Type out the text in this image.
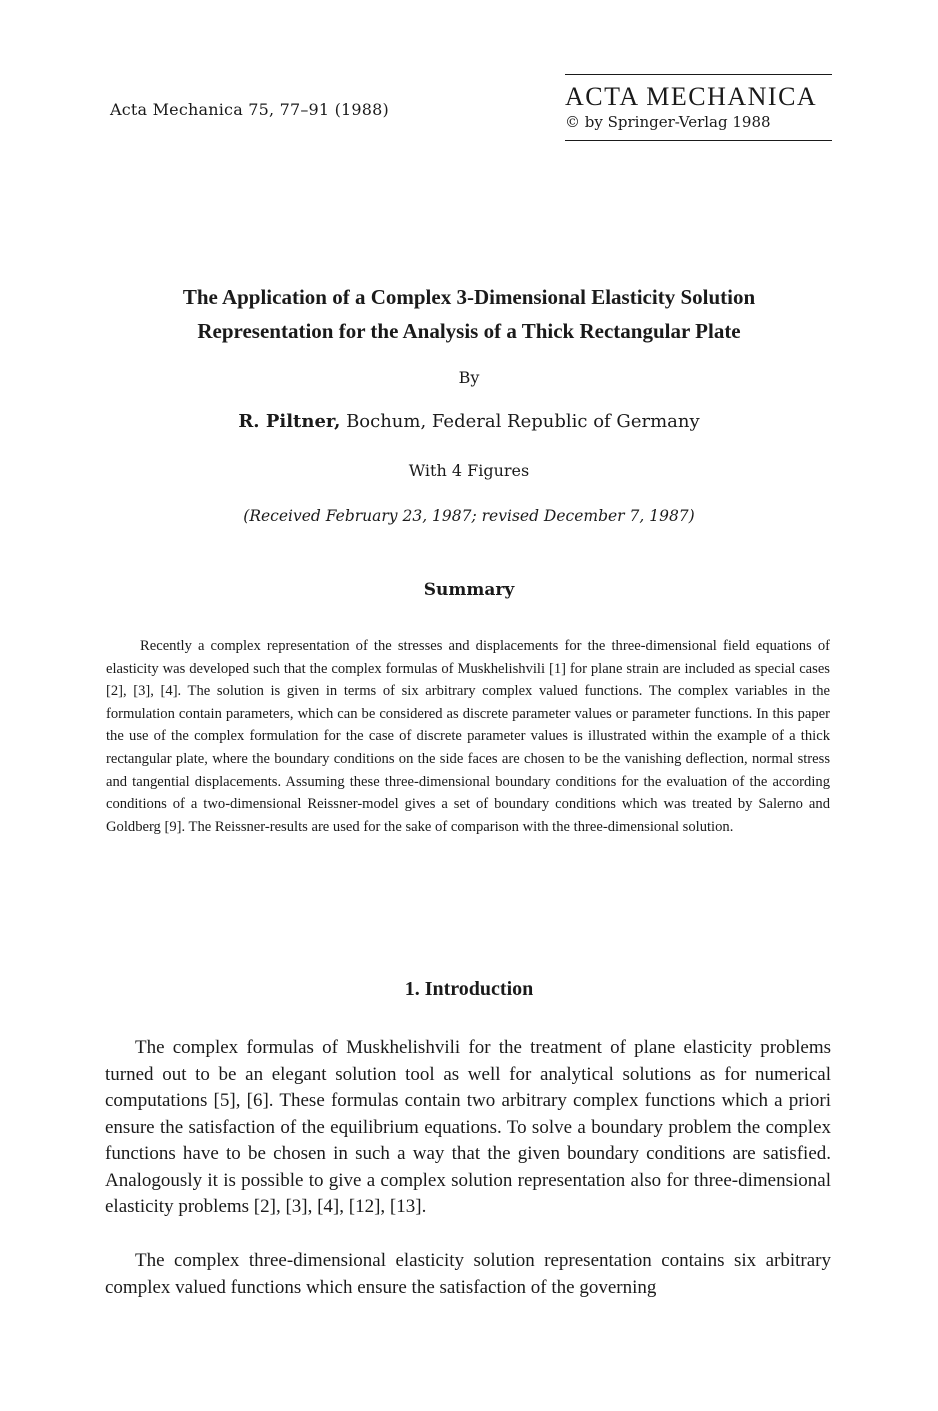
Acta Mechanica 75, 77–91 (1988)	ACTA MECHANICA
© by Springer-Verlag 1988
The Application of a Complex 3-Dimensional Elasticity Solution
Representation for the Analysis of a Thick Rectangular Plate
By
R. Piltner, Bochum, Federal Republic of Germany
With 4 Figures
(Received February 23, 1987; revised December 7, 1987)
Summary
Recently a complex representation of the stresses and displacements for the three-dimensional field equations of elasticity was developed such that the complex formulas of Muskhelishvili [1] for plane strain are included as special cases [2], [3], [4]. The solution is given in terms of six arbitrary complex valued functions. The complex variables in the formulation contain parameters, which can be considered as discrete parameter values or parameter functions. In this paper the use of the complex formulation for the case of discrete parameter values is illustrated within the example of a thick rectangular plate, where the boundary conditions on the side faces are chosen to be the vanishing deflection, normal stress and tangential displacements. Assuming these three-dimensional boundary conditions for the evaluation of the according conditions of a two-dimensional Reissner-model gives a set of boundary conditions which was treated by Salerno and Goldberg [9]. The Reissner-results are used for the sake of comparison with the three-dimensional solution.
1. Introduction
The complex formulas of Muskhelishvili for the treatment of plane elasticity problems turned out to be an elegant solution tool as well for analytical solutions as for numerical computations [5], [6]. These formulas contain two arbitrary complex functions which a priori ensure the satisfaction of the equilibrium equations. To solve a boundary problem the complex functions have to be chosen in such a way that the given boundary conditions are satisfied. Analogously it is possible to give a complex solution representation also for three-dimensional elasticity problems [2], [3], [4], [12], [13].
The complex three-dimensional elasticity solution representation contains six arbitrary complex valued functions which ensure the satisfaction of the governing
